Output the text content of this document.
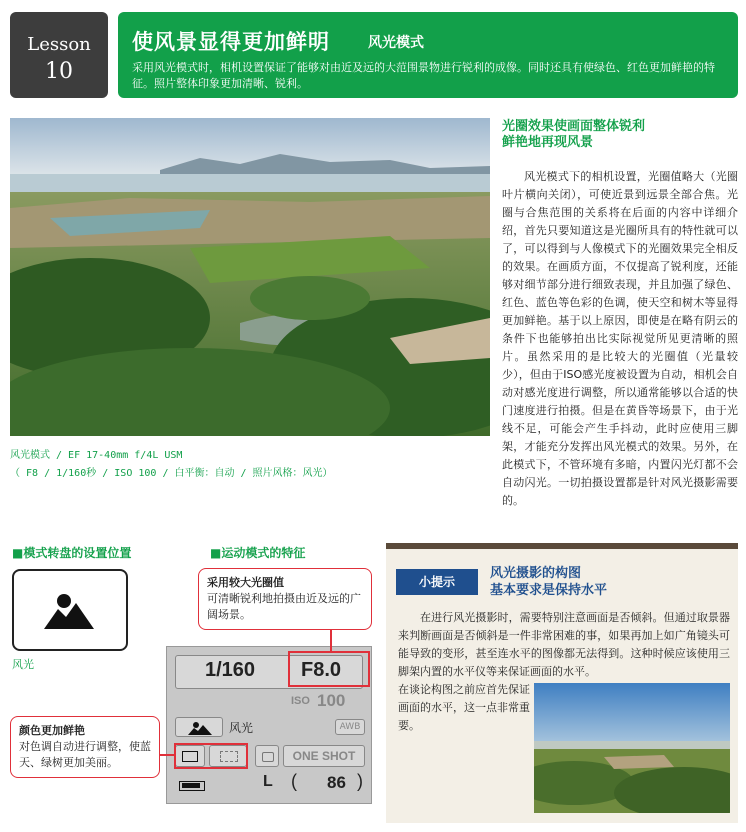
Lesson
10
使风景显得更加鲜明	风光模式
采用风光模式时，相机设置保证了能够对由近及远的大范围景物进行锐利的成像。同时还具有使绿色、红色更加鲜艳的特征。照片整体印象更加清晰、锐利。
风光模式 / EF 17-40mm f/4L USM
（ F8 / 1/160秒 / ISO 100 / 白平衡：自动 / 照片风格：风光）
光圈效果使画面整体锐利
鲜艳地再现风景
风光模式下的相机设置，光圈值略大（光圈叶片横向关闭），可使近景到远景全部合焦。光圈与合焦范围的关系将在后面的内容中详细介绍，首先只要知道这是光圈所具有的特性就可以了，可以得到与人像模式下的光圈效果完全相反的效果。在画质方面，不仅提高了锐利度，还能够对细节部分进行细致表现，并且加强了绿色、红色、蓝色等色彩的色调，使天空和树木等显得更加鲜艳。基于以上原因，即使是在略有阴云的条件下也能够拍出比实际视觉所见更清晰的照片。虽然采用的是比较大的光圈值（光量较少），但由于ISO感光度被设置为自动，相机会自动对感光度进行调整，所以通常能够以合适的快门速度进行拍摄。但是在黄昏等场景下，由于光线不足，可能会产生手抖动，此时应使用三脚架，才能充分发挥出风光模式的效果。另外，在此模式下，不管环境有多暗，内置闪光灯都不会自动闪光。一切拍摄设置都是针对风光摄影需要的。
■模式转盘的设置位置
风光
■运动模式的特征
1/160 F8.0
ISO 100
风光	AWB
ONE SHOT
L ( 86 )
采用较大光圈值
可清晰锐利地拍摄由近及远的广阔场景。
颜色更加鲜艳
对色调自动进行调整，使蓝天、绿树更加美丽。
小提示
风光摄影的构图
基本要求是保持水平
在进行风光摄影时，需要特别注意画面是否倾斜。但通过取景器来判断画面是否倾斜是一件非常困难的事，如果再加上如广角镜头可能导致的变形，甚至连水平的图像都无法得到。这种时候应该使用三脚架内置的水平仪等来保证画面的水平。
在谈论构图之前应首先保证画面的水平，这一点非常重要。
